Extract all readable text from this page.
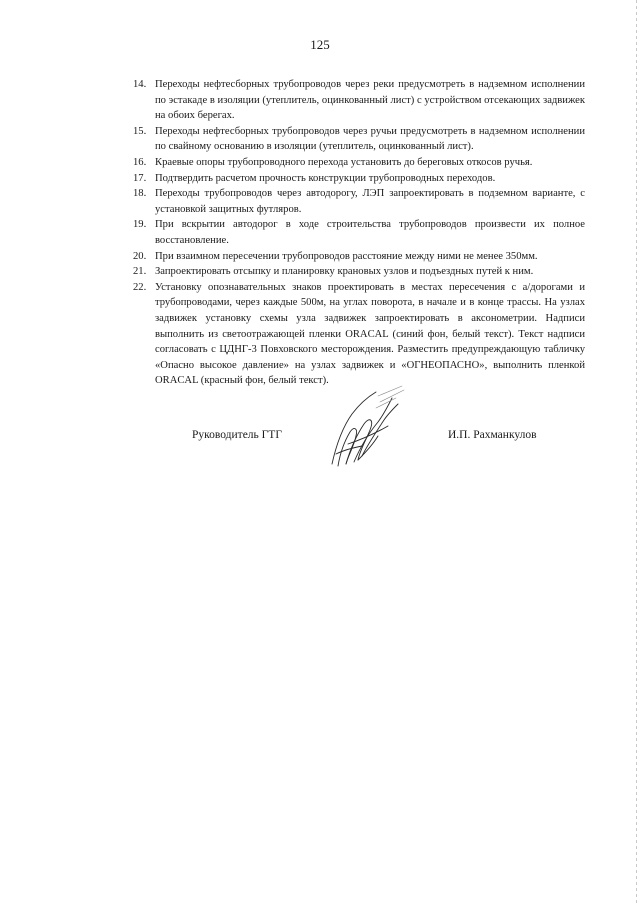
125
14. Переходы нефтесборных трубопроводов через реки предусмотреть в надземном исполнении по эстакаде в изоляции (утеплитель, оцинкованный лист) с устройством отсекающих задвижек на обоих берегах.
15. Переходы нефтесборных трубопроводов через ручьи предусмотреть в надземном исполнении по свайному основанию в изоляции (утеплитель, оцинкованный лист).
16. Краевые опоры трубопроводного перехода установить до береговых откосов ручья.
17. Подтвердить расчетом прочность конструкции трубопроводных переходов.
18. Переходы трубопроводов через автодорогу, ЛЭП запроектировать в подземном варианте, с установкой защитных футляров.
19. При вскрытии автодорог в ходе строительства трубопроводов произвести их полное восстановление.
20. При взаимном пересечении трубопроводов расстояние между ними не менее 350мм.
21. Запроектировать отсыпку и планировку крановых узлов и подъездных путей к ним.
22. Установку опознавательных знаков проектировать в местах пересечения с а/дорогами и трубопроводами, через каждые 500м, на углах поворота, в начале и в конце трассы. На узлах задвижек установку схемы узла задвижек запроектировать в аксонометрии. Надписи выполнить из светоотражающей пленки ORACAL (синий фон, белый текст). Текст надписи согласовать с ЦДНГ-3 Повховского месторождения. Разместить предупреждающую табличку «Опасно высокое давление» на узлах задвижек и «ОГНЕОПАСНО», выполнить пленкой ORACAL (красный фон, белый текст).
Руководитель ГТГ	И.П. Рахманкулов
